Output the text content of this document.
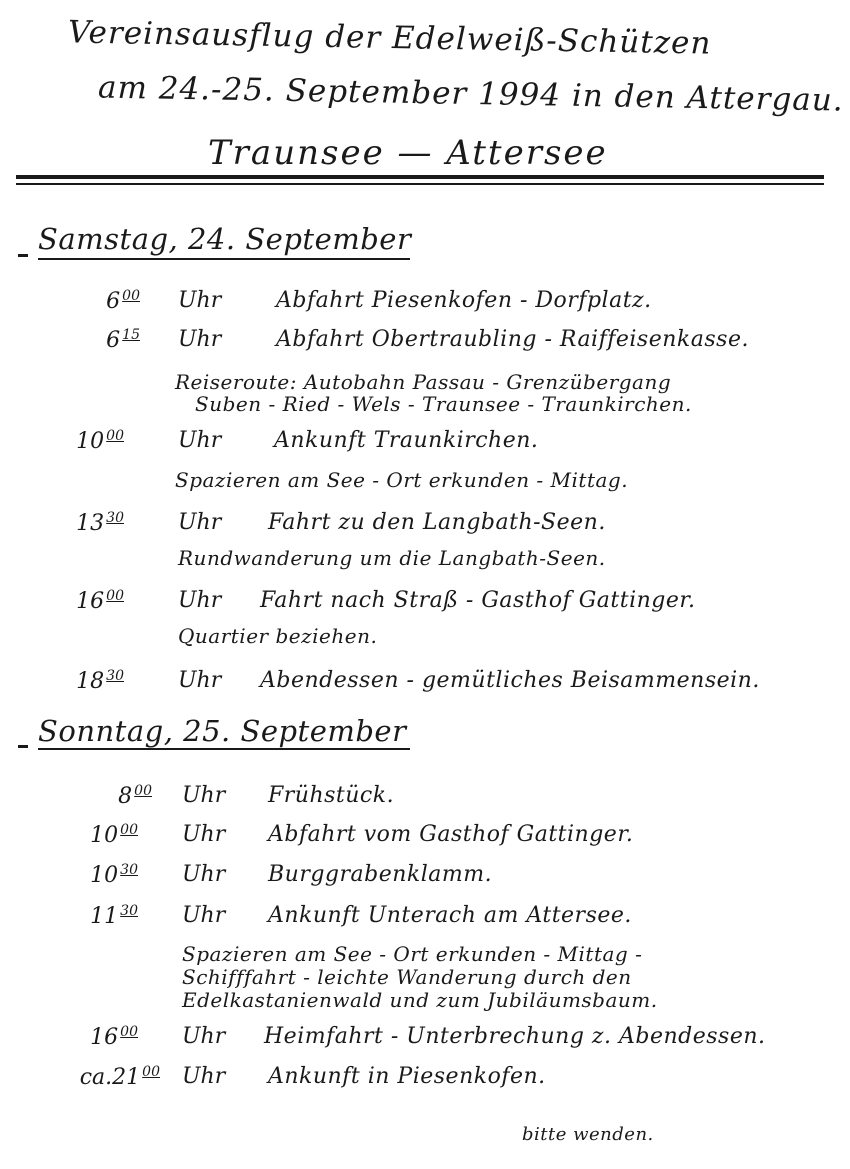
Vereinsausflug der Edelweiß-Schützen
am 24.-25. September 1994 in den Attergau.
Traunsee — Attersee
Samstag, 24. September
6 $^{00}$ Uhr Abfahrt Piesenkofen - Dorfplatz.
6 $^{15}$ Uhr Abfahrt Obertraubling - Raiffeisenkasse.
Reiseroute: Autobahn Passau - Grenzübergang
Suben - Ried - Wels - Traunsee - Traunkirchen.
10 $^{00}$ Uhr Ankunft Traunkirchen.
Spazieren am See - Ort erkunden - Mittag.
13 $^{30}$ Uhr Fahrt zu den Langbath-Seen.
Rundwanderung um die Langbath-Seen.
16 $^{00}$ Uhr Fahrt nach Straß - Gasthof Gattinger.
Quartier beziehen.
18 $^{30}$ Uhr Abendessen - gemütliches Beisammensein.
Sonntag, 25. September
8 $^{00}$ Uhr Frühstück.
10 $^{00}$ Uhr Abfahrt vom Gasthof Gattinger.
10 $^{30}$ Uhr Burggrabenklamm.
11 $^{30}$ Uhr Ankunft Unterach am Attersee.
Spazieren am See - Ort erkunden - Mittag -
Schifffahrt - leichte Wanderung durch den
Edelkastanienwald und zum Jubiläumsbaum.
16 $^{00}$ Uhr Heimfahrt - Unterbrechung z. Abendessen.
ca.21 $^{00}$ Uhr Ankunft in Piesenkofen.
bitte wenden.
